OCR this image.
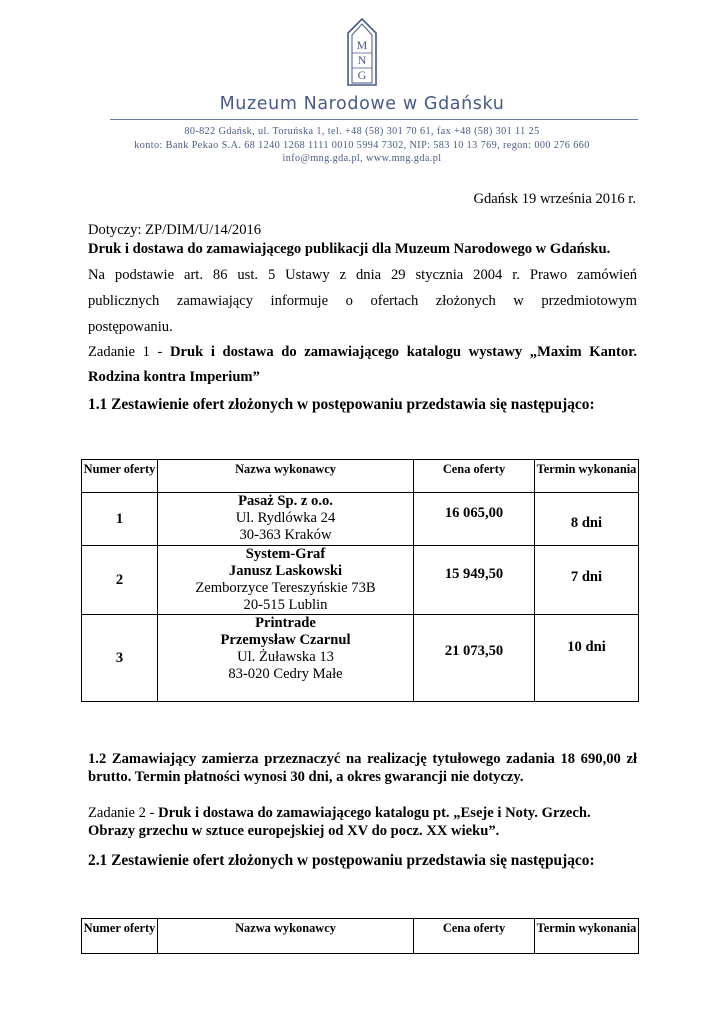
M
N
G
Muzeum Narodowe w Gdańsku
80-822 Gdańsk, ul. Toruńska 1, tel. +48 (58) 301 70 61, fax +48 (58) 301 11 25
konto: Bank Pekao S.A. 68 1240 1268 1111 0010 5994 7302, NIP: 583 10 13 769, regon: 000 276 660
info@mng.gda.pl, www.mng.gda.pl
Gdańsk 19 września 2016 r.
Dotyczy: ZP/DIM/U/14/2016
Druk i dostawa do zamawiającego publikacji dla Muzeum Narodowego w Gdańsku.
Na podstawie art. 86 ust. 5 Ustawy z dnia 29 stycznia 2004 r. Prawo zamówień
publicznych zamawiający informuje o ofertach złożonych w przedmiotowym
postępowaniu.
Zadanie 1 - Druk i dostawa do zamawiającego katalogu wystawy „Maxim Kantor.
Rodzina kontra Imperium”
1.1 Zestawienie ofert złożonych w postępowaniu przedstawia się następująco:
Numer oferty	Nazwa wykonawcy	Cena oferty	Termin wykonania
1	Pasaż Sp. z o.o.
Ul. Rydlówka 24
30-363 Kraków	16 065,00	8 dni
2	System-Graf
Janusz Laskowski
Zemborzyce Tereszyńskie 73B
20-515 Lublin	15 949,50	7 dni
3	Printrade
Przemysław Czarnul
Ul. Żuławska 13
83-020 Cedry Małe	21 073,50	10 dni
1.2 Zamawiający zamierza przeznaczyć na realizację tytułowego zadania 18 690,00 zł
brutto. Termin płatności wynosi 30 dni, a okres gwarancji nie dotyczy.
Zadanie 2 - Druk i dostawa do zamawiającego katalogu pt. „Eseje i Noty. Grzech.
Obrazy grzechu w sztuce europejskiej od XV do pocz. XX wieku”.
2.1 Zestawienie ofert złożonych w postępowaniu przedstawia się następująco:
Numer oferty	Nazwa wykonawcy	Cena oferty	Termin wykonania
